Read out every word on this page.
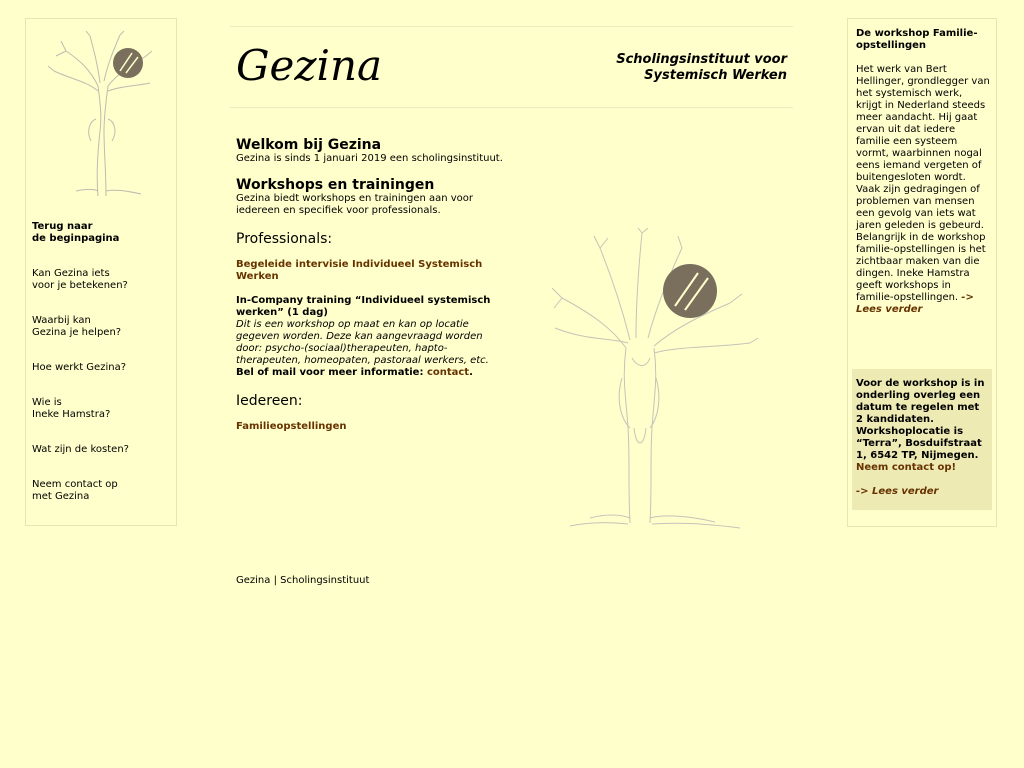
Terug naar
de beginpagina
Kan Gezina iets
voor je betekenen?
Waarbij kan
Gezina je helpen?
Hoe werkt Gezina?
Wie is
Ineke Hamstra?
Wat zijn de kosten?
Neem contact op
met Gezina
Gezina	Scholingsinstituut voor
Systemisch Werken
Welkom bij Gezina

Gezina is sinds 1 januari 2019 een scholingsinstituut.

Workshops en trainingen

Gezina biedt workshops en trainingen aan voor iedereen en specifiek voor professionals.

Professionals:
Begeleide intervisie Individueel Systemisch Werken
In-Company training “Individueel systemisch werken” (1 dag)
Dit is een workshop op maat en kan op locatie gegeven worden. Deze kan aangevraagd worden door: psycho-(sociaal)therapeuten, hapto-therapeuten, homeopaten, pastoraal werkers, etc.
Bel of mail voor meer informatie: contact.
Iedereen:
Familieopstellingen
De workshop Familie-
opstellingen
Het werk van Bert Hellinger, grondlegger van het systemisch werk, krijgt in Nederland steeds meer aandacht. Hij gaat ervan uit dat iedere familie een systeem vormt, waarbinnen nogal eens iemand vergeten of buitengesloten wordt. Vaak zijn gedragingen of problemen van mensen een gevolg van iets wat jaren geleden is gebeurd. Belangrijk in de workshop familie-opstellingen is het zichtbaar maken van die dingen. Ineke Hamstra geeft workshops in familie-opstellingen. -> Lees verder
Voor de workshop is in onderling overleg een datum te regelen met 2 kandidaten. Workshoplocatie is “Terra”, Bosduifstraat 1, 6542 TP, Nijmegen. Neem contact op!
-> Lees verder
Gezina | Scholingsinstituut
